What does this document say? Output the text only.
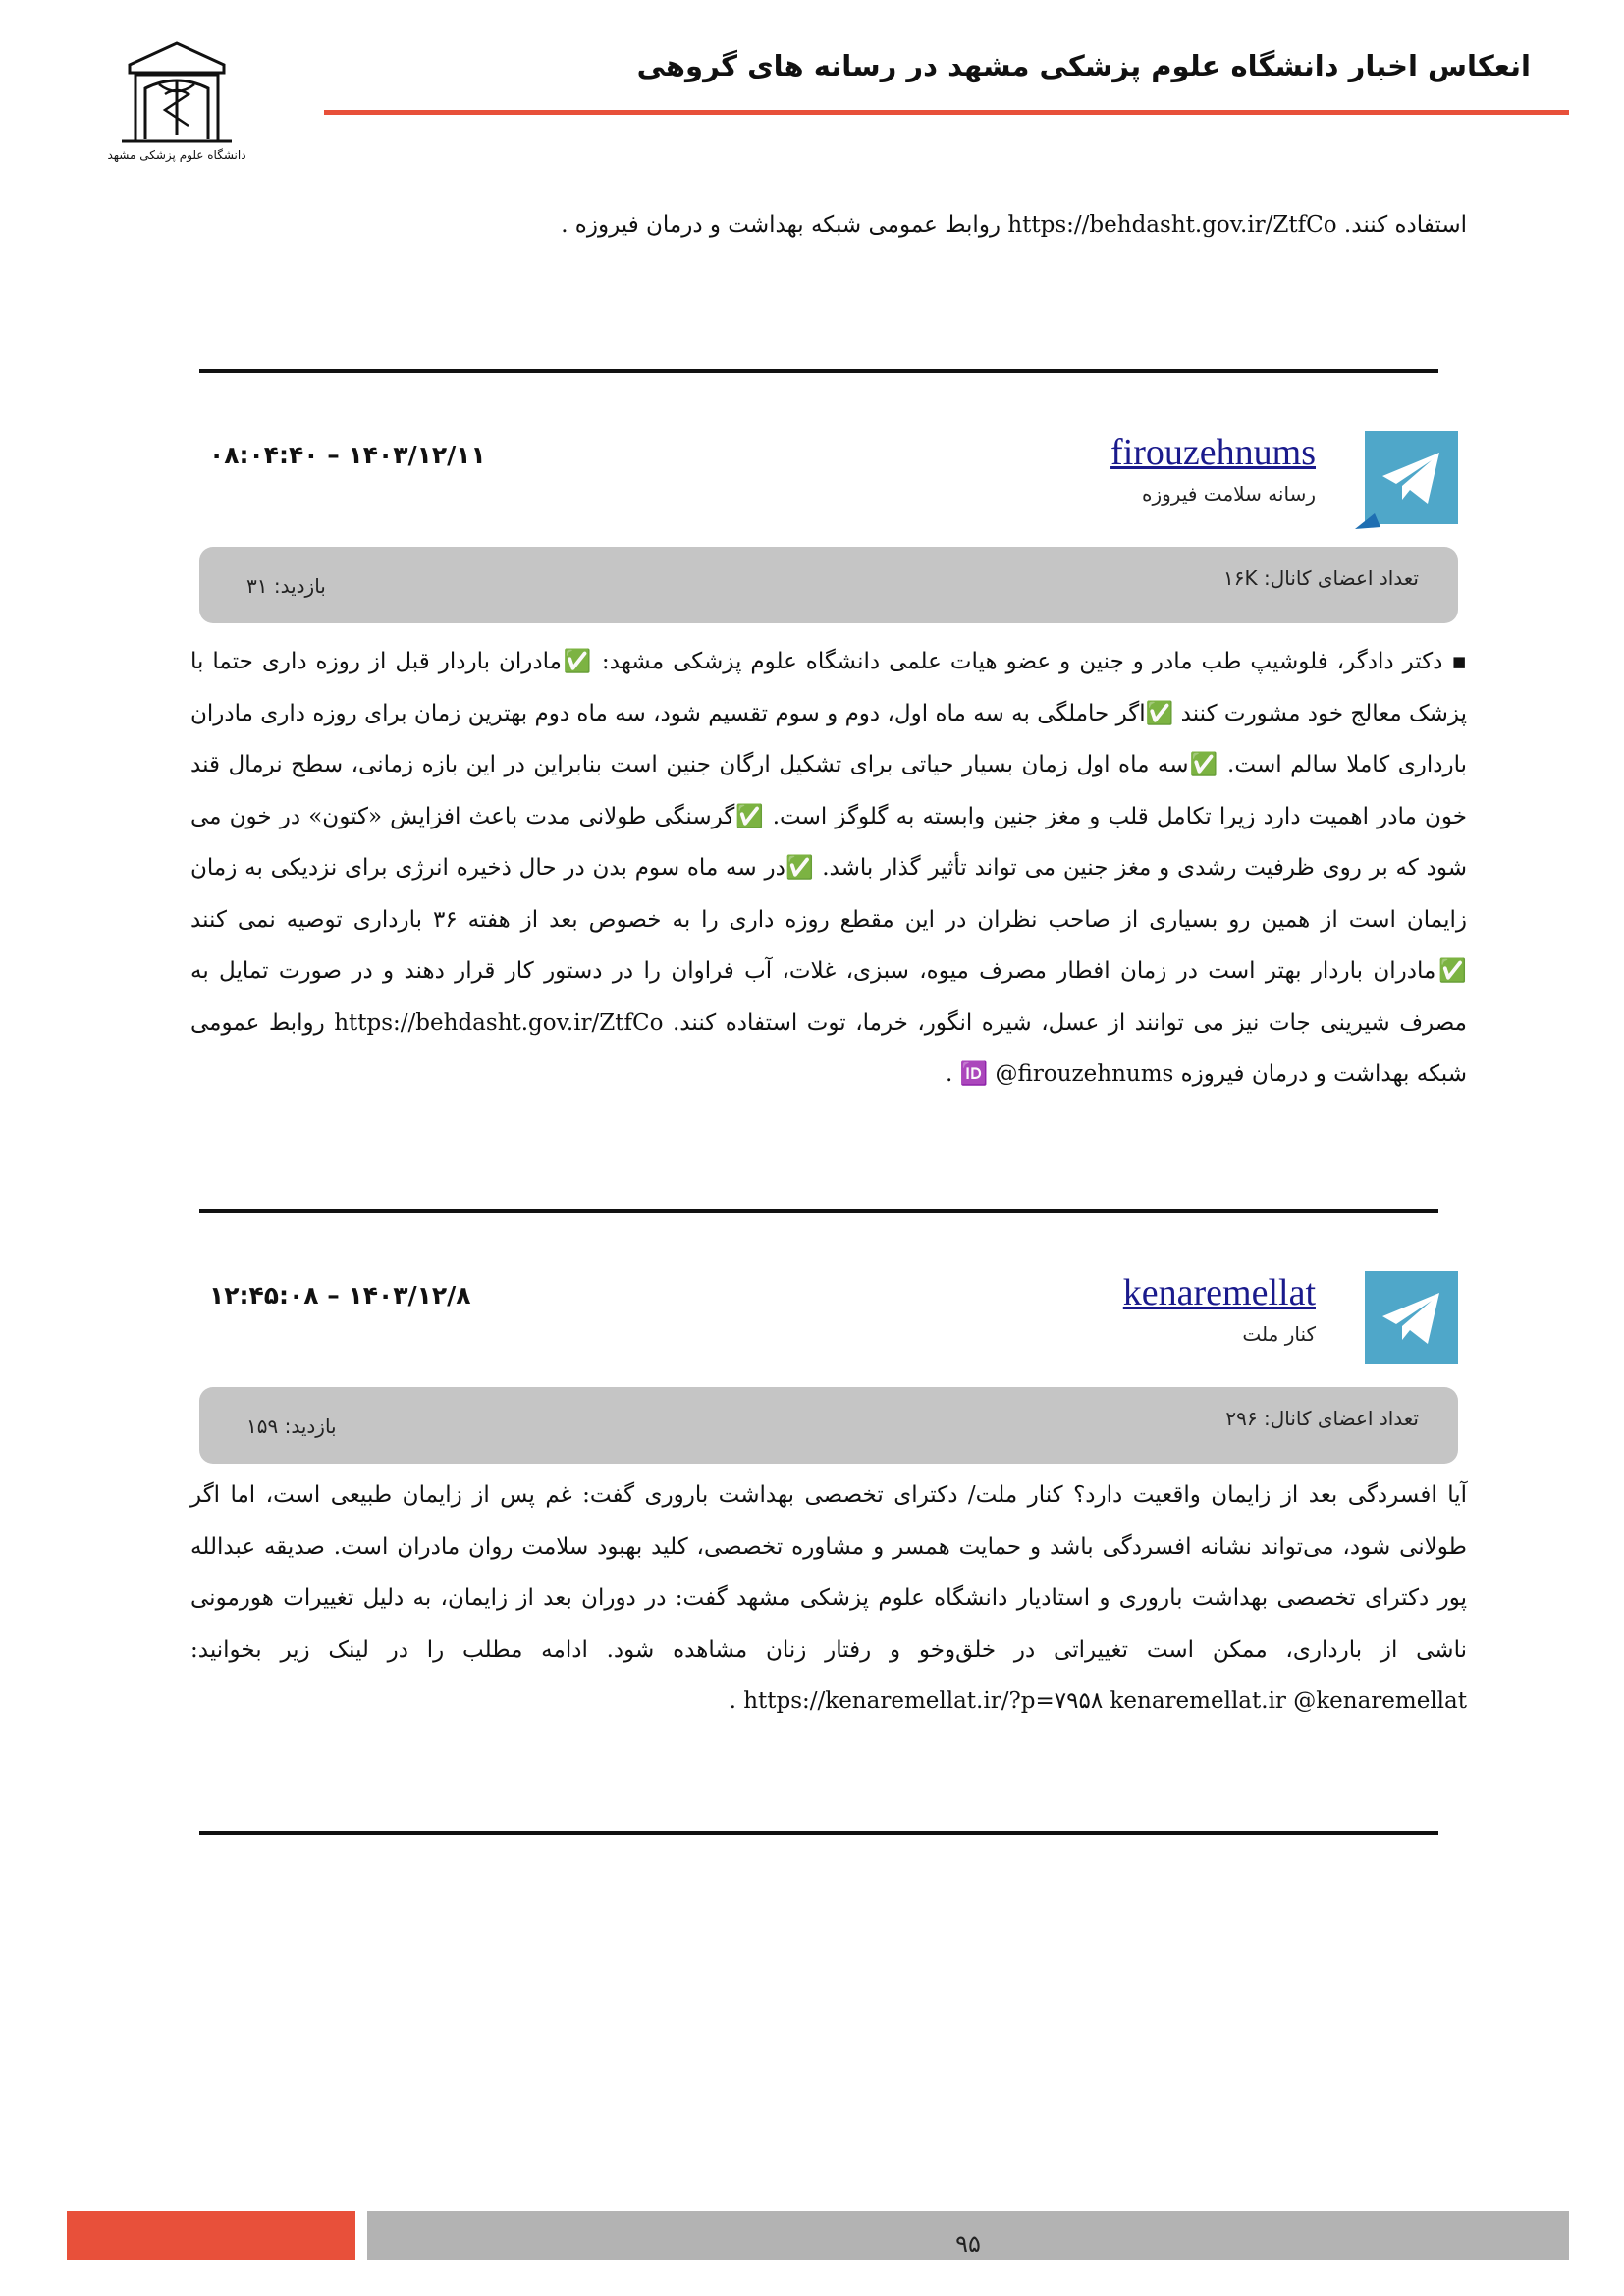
دانشگاه علوم پزشکی مشهد
انعکاس اخبار دانشگاه علوم پزشکی مشهد در رسانه های گروهی
استفاده کنند. https://behdasht.gov.ir/ZtfCo روابط عمومی شبکه بهداشت و درمان فیروزه .
firouzehnums
رسانه سلامت فیروزه
۰۸:۰۴:۴۰ – ۱۴۰۳/۱۲/۱۱
تعداد اعضای کانال: ۱۶K
بازدید: ۳۱
▪ دکتر دادگر، فلوشیپ طب مادر و جنین و عضو هیات علمی دانشگاه علوم پزشکی مشهد: ✅مادران باردار قبل از روزه داری حتما با پزشک معالج خود مشورت کنند ✅اگر حاملگی به سه ماه اول، دوم و سوم تقسیم شود، سه ماه دوم بهترین زمان برای روزه داری مادران بارداری کاملا سالم است. ✅سه ماه اول زمان بسیار حیاتی برای تشکیل ارگان جنین است بنابراین در این بازه زمانی، سطح نرمال قند خون مادر اهمیت دارد زیرا تکامل قلب و مغز جنین وابسته به گلوگز است. ✅گرسنگی طولانی مدت باعث افزایش «کتون» در خون می شود که بر روی ظرفیت رشدی و مغز جنین می تواند تأثیر گذار باشد. ✅در سه ماه سوم بدن در حال ذخیره انرژی برای نزدیکی به زمان زایمان است از همین رو بسیاری از صاحب نظران در این مقطع روزه داری را به خصوص بعد از هفته ۳۶ بارداری توصیه نمی کنند ✅مادران باردار بهتر است در زمان افطار مصرف میوه، سبزی، غلات، آب فراوان را در دستور کار قرار دهند و در صورت تمایل به مصرف شیرینی جات نیز می توانند از عسل، شیره انگور، خرما، توت استفاده کنند. https://behdasht.gov.ir/ZtfCo روابط عمومی شبکه بهداشت و درمان فیروزه 🆔 @firouzehnums .
kenaremellat
کنار ملت
۱۲:۴۵:۰۸ – ۱۴۰۳/۱۲/۸
تعداد اعضای کانال: ۲۹۶
بازدید: ۱۵۹
آیا افسردگی بعد از زایمان واقعیت دارد؟ کنار ملت/ دکترای تخصصی بهداشت باروری گفت: غم پس از زایمان طبیعی است، اما اگر طولانی شود، می‌تواند نشانه افسردگی باشد و حمایت همسر و مشاوره تخصصی، کلید بهبود سلامت روان مادران است. صدیقه عبدالله پور دکترای تخصصی بهداشت باروری و استادیار دانشگاه علوم پزشکی مشهد گفت: در دوران بعد از زایمان، به دلیل تغییرات هورمونی ناشی از بارداری، ممکن است تغییراتی در خلق‌وخو و رفتار زنان مشاهده شود. ادامه مطلب را در لینک زیر بخوانید: https://kenaremellat.ir/?p=۷۹۵۸ kenaremellat.ir @kenaremellat .
۹۵
